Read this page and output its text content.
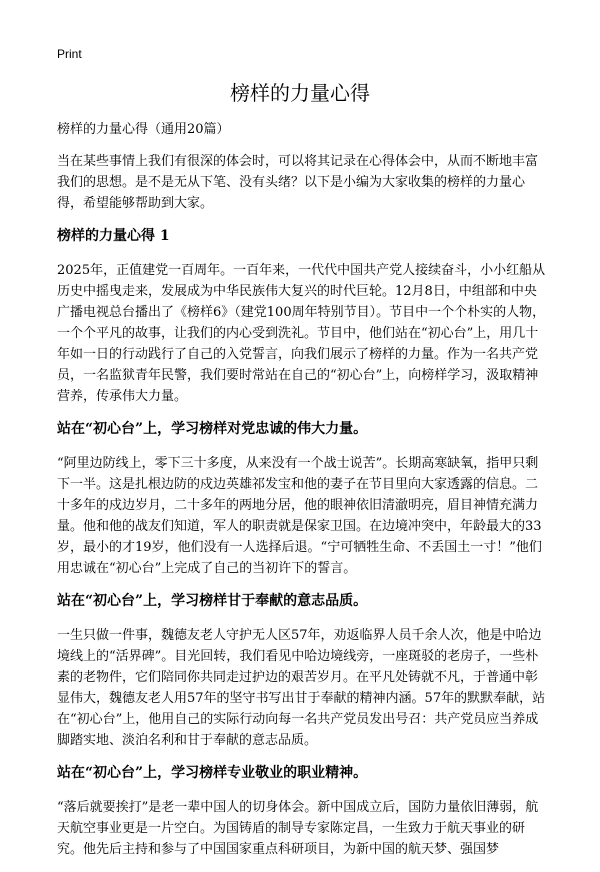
Print
榜样的力量心得

榜样的力量心得（通用20篇）

当在某些事情上我们有很深的体会时，可以将其记录在心得体会中，从而不断地丰富我们的思想。是不是无从下笔、没有头绪？以下是小编为大家收集的榜样的力量心得，希望能够帮助到大家。

榜样的力量心得 1

2025年，正值建党一百周年。一百年来，一代代中国共产党人接续奋斗，小小红船从历史中摇曳走来，发展成为中华民族伟大复兴的时代巨轮。12月8日，中组部和中央广播电视总台播出了《榜样6》（建党100周年特别节目）。节目中一个个朴实的人物，一个个平凡的故事，让我们的内心受到洗礼。节目中，他们站在“初心台”上，用几十年如一日的行动践行了自己的入党誓言，向我们展示了榜样的力量。作为一名共产党员，一名监狱青年民警，我们要时常站在自己的“初心台”上，向榜样学习，汲取精神营养，传承伟大力量。

站在“初心台”上，学习榜样对党忠诚的伟大力量。

“阿里边防线上，零下三十多度，从来没有一个战士说苦”。长期高寒缺氧，指甲只剩下一半。这是扎根边防的戍边英雄祁发宝和他的妻子在节目里向大家透露的信息。二十多年的戍边岁月，二十多年的两地分居，他的眼神依旧清澈明亮，眉目神情充满力量。他和他的战友们知道，军人的职责就是保家卫国。在边境冲突中，年龄最大的33岁，最小的才19岁，他们没有一人选择后退。“宁可牺牲生命、不丢国土一寸！”他们用忠诚在“初心台”上完成了自己的当初许下的誓言。

站在“初心台”上，学习榜样甘于奉献的意志品质。

一生只做一件事，魏德友老人守护无人区57年，劝返临界人员千余人次，他是中哈边境线上的“活界碑”。目光回转，我们看见中哈边境线旁，一座斑驳的老房子，一些朴素的老物件，它们陪同你共同走过护边的艰苦岁月。在平凡处铸就不凡，于普通中彰显伟大，魏德友老人用57年的坚守书写出甘于奉献的精神内涵。57年的默默奉献，站在“初心台”上，他用自己的实际行动向每一名共产党员发出号召：共产党员应当养成脚踏实地、淡泊名利和甘于奉献的意志品质。

站在“初心台”上，学习榜样专业敬业的职业精神。

“落后就要挨打”是老一辈中国人的切身体会。新中国成立后，国防力量依旧薄弱，航天航空事业更是一片空白。为国铸盾的制导专家陈定昌，一生致力于航天事业的研究。他先后主持和参与了中国国家重点科研项目，为新中国的航天梦、强国梦
